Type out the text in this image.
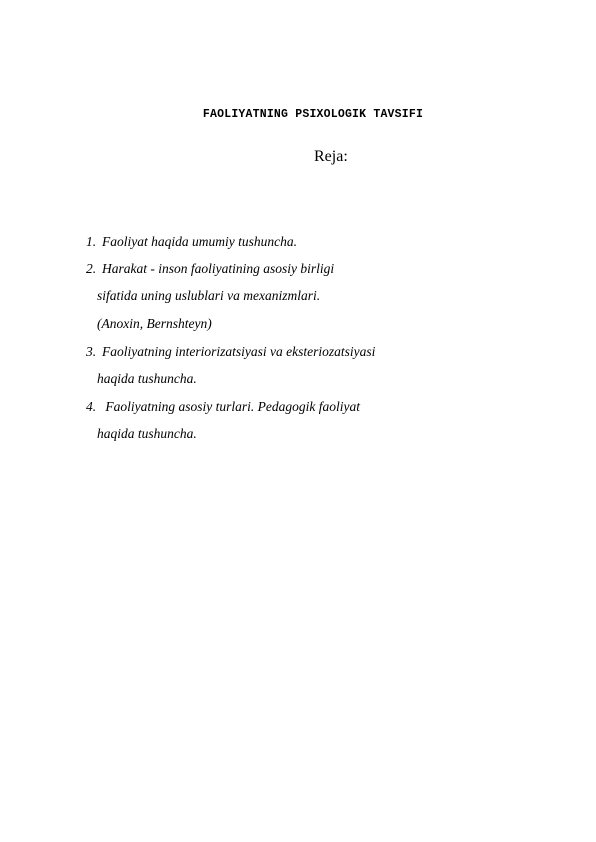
FAOLIYATNING PSIXOLOGIK TAVSIFI
Reja:
1. Faoliyat haqida umumiy tushuncha.
2. Harakat - inson faoliyatining asosiy birligi
sifatida uning uslublari va mexanizmlari.
(Anoxin, Bernshteyn)
3. Faoliyatning interiorizatsiyasi va eksteriozatsiyasi
haqida tushuncha.
4. Faoliyatning asosiy turlari. Pedagogik faoliyat
haqida tushuncha.
